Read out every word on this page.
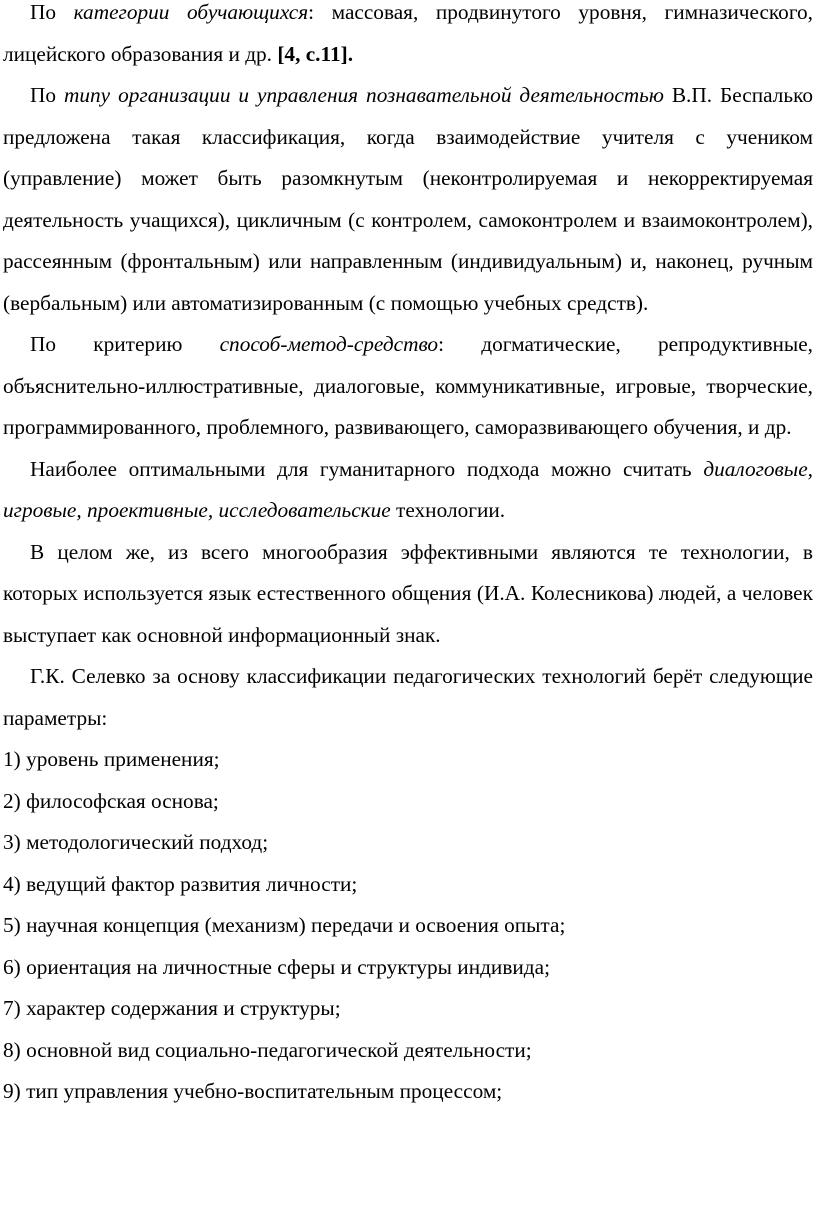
По категории обучающихся: массовая, продвинутого уровня, гимназического, лицейского образования и др. [4, с.11].

По типу организации и управления познавательной деятельностью В.П. Беспалько предложена такая классификация, когда взаимодействие учителя с учеником (управление) может быть разомкнутым (неконтролируемая и некорректируемая деятельность учащихся), цикличным (с контролем, самоконтролем и взаимоконтролем), рассеянным (фронтальным) или направленным (индивидуальным) и, наконец, ручным (вербальным) или автоматизированным (с помощью учебных средств).

По критерию способ-метод-средство: догматические, репродуктивные, объяснительно-иллюстративные, диалоговые, коммуникативные, игровые, творческие, программированного, проблемного, развивающего, саморазвивающего обучения, и др.

Наиболее оптимальными для гуманитарного подхода можно считать диалоговые, игровые, проективные, исследовательские технологии.

В целом же, из всего многообразия эффективными являются те технологии, в которых используется язык естественного общения (И.А. Колесникова) людей, а человек выступает как основной информационный знак.

Г.К. Селевко за основу классификации педагогических технологий берёт следующие параметры:

1) уровень применения;

2) философская основа;

3) методологический подход;

4) ведущий фактор развития личности;

5) научная концепция (механизм) передачи и освоения опыта;

6) ориентация на личностные сферы и структуры индивида;

7) характер содержания и структуры;

8) основной вид социально-педагогической деятельности;

9) тип управления учебно-воспитательным процессом;
